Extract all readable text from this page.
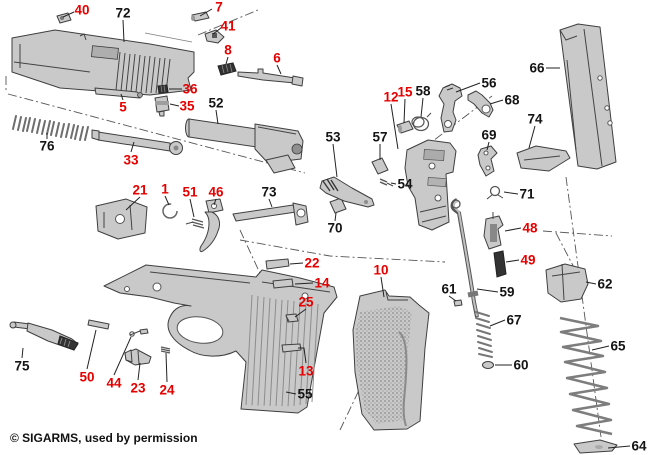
40	7
41
8
6
36
35
5
33
21 1 51 46
12
15
48
49
22
14
25
13
10
50 44 23 24
72
52
76
73
70
53 57
58
54
56
68
69
74
66
71
61	59
67
60
62
65
64
55
75
© SIGARMS, used by permission
